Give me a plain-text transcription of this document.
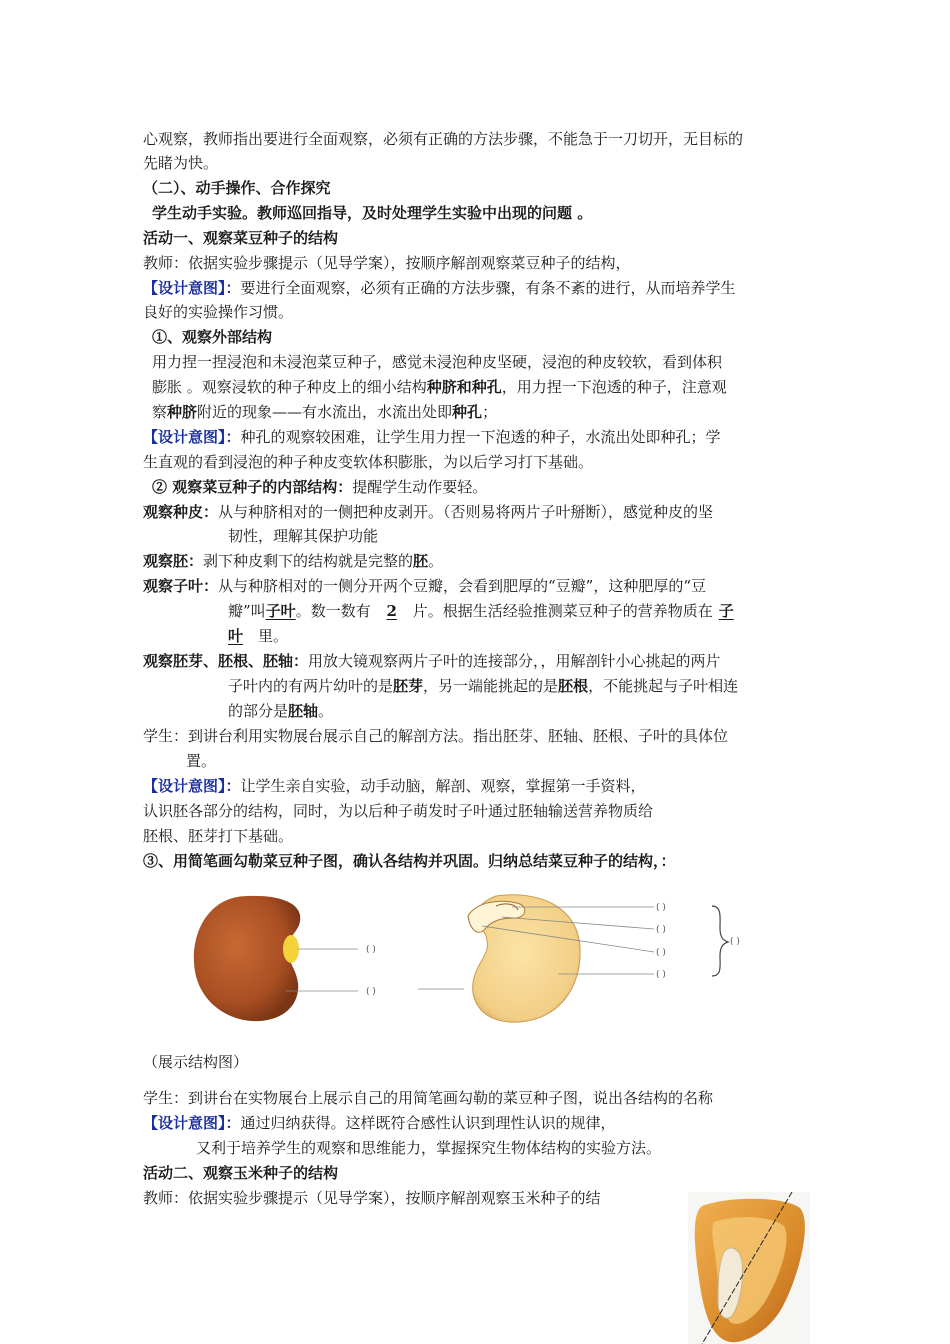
心观察，教师指出要进行全面观察，必须有正确的方法步骤，不能急于一刀切开，无目标的
先睹为快。
（二）、动手操作、合作探究
学生动手实验。教师巡回指导，及时处理学生实验中出现的问题 。
活动一、观察菜豆种子的结构
教师：依据实验步骤提示（见导学案），按顺序解剖观察菜豆种子的结构，
【设计意图】：要进行全面观察，必须有正确的方法步骤，有条不紊的进行，从而培养学生
良好的实验操作习惯。
①、观察外部结构
用力捏一捏浸泡和未浸泡菜豆种子，感觉未浸泡种皮坚硬，浸泡的种皮较软，看到体积
膨胀 。观察浸软的种子种皮上的细小结构种脐和种孔，用力捏一下泡透的种子，注意观
察种脐附近的现象——有水流出，水流出处即种孔；
【设计意图】：种孔的观察较困难，让学生用力捏一下泡透的种子，水流出处即种孔；学
生直观的看到浸泡的种子种皮变软体积膨胀，为以后学习打下基础。
② 观察菜豆种子的内部结构：提醒学生动作要轻。
观察种皮：从与种脐相对的一侧把种皮剥开。（否则易将两片子叶掰断），感觉种皮的坚
韧性，理解其保护功能
观察胚：剥下种皮剩下的结构就是完整的胚。
观察子叶：从与种脐相对的一侧分开两个豆瓣，会看到肥厚的“豆瓣”，这种肥厚的“豆
瓣”叫子叶。数一数有 2 片。根据生活经验推测菜豆种子的营养物质在 子
叶 里。
观察胚芽、胚根、胚轴：用放大镜观察两片子叶的连接部分，，用解剖针小心挑起的两片
子叶内的有两片幼叶的是胚芽，另一端能挑起的是胚根，不能挑起与子叶相连
的部分是胚轴。
学生：到讲台利用实物展台展示自己的解剖方法。指出胚芽、胚轴、胚根、子叶的具体位
置。
【设计意图】：让学生亲自实验，动手动脑，解剖、观察，掌握第一手资料，
认识胚各部分的结构，同时，为以后种子萌发时子叶通过胚轴输送营养物质给
胚根、胚芽打下基础。
③、用简笔画勾勒菜豆种子图，确认各结构并巩固。归纳总结菜豆种子的结构，：
( )
( )
( )
( )
( )
( )
( )
（展示结构图）
学生：到讲台在实物展台上展示自己的用简笔画勾勒的菜豆种子图，说出各结构的名称
【设计意图】：通过归纳获得。这样既符合感性认识到理性认识的规律，
又利于培养学生的观察和思维能力，掌握探究生物体结构的实验方法。
活动二、观察玉米种子的结构
教师：依据实验步骤提示（见导学案），按顺序解剖观察玉米种子的结
